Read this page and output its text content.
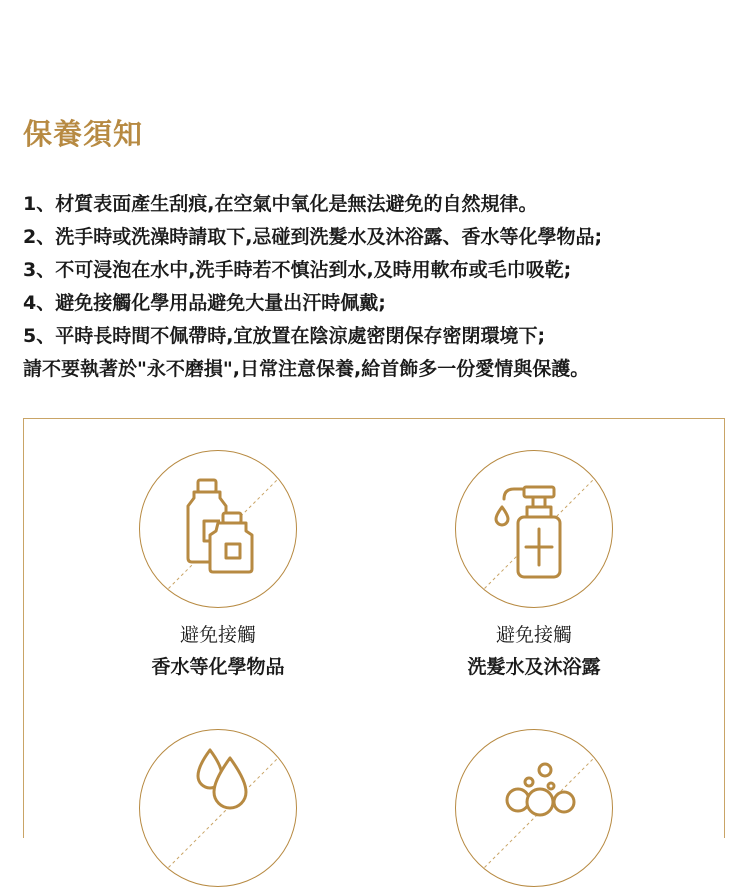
保養須知
1、材質表面產生刮痕,在空氣中氧化是無法避免的自然規律。
2、洗手時或洗澡時請取下,忌碰到洗髮水及沐浴露、香水等化學物品;
3、不可浸泡在水中,洗手時若不慎沾到水,及時用軟布或毛巾吸乾;
4、避免接觸化學用品避免大量出汗時佩戴;
5、平時長時間不佩帶時,宜放置在陰涼處密閉保存密閉環境下;
請不要執著於"永不磨損",日常注意保養,給首飾多一份愛情與保護。
避免接觸
香水等化學物品
避免接觸
洗髮水及沐浴露
